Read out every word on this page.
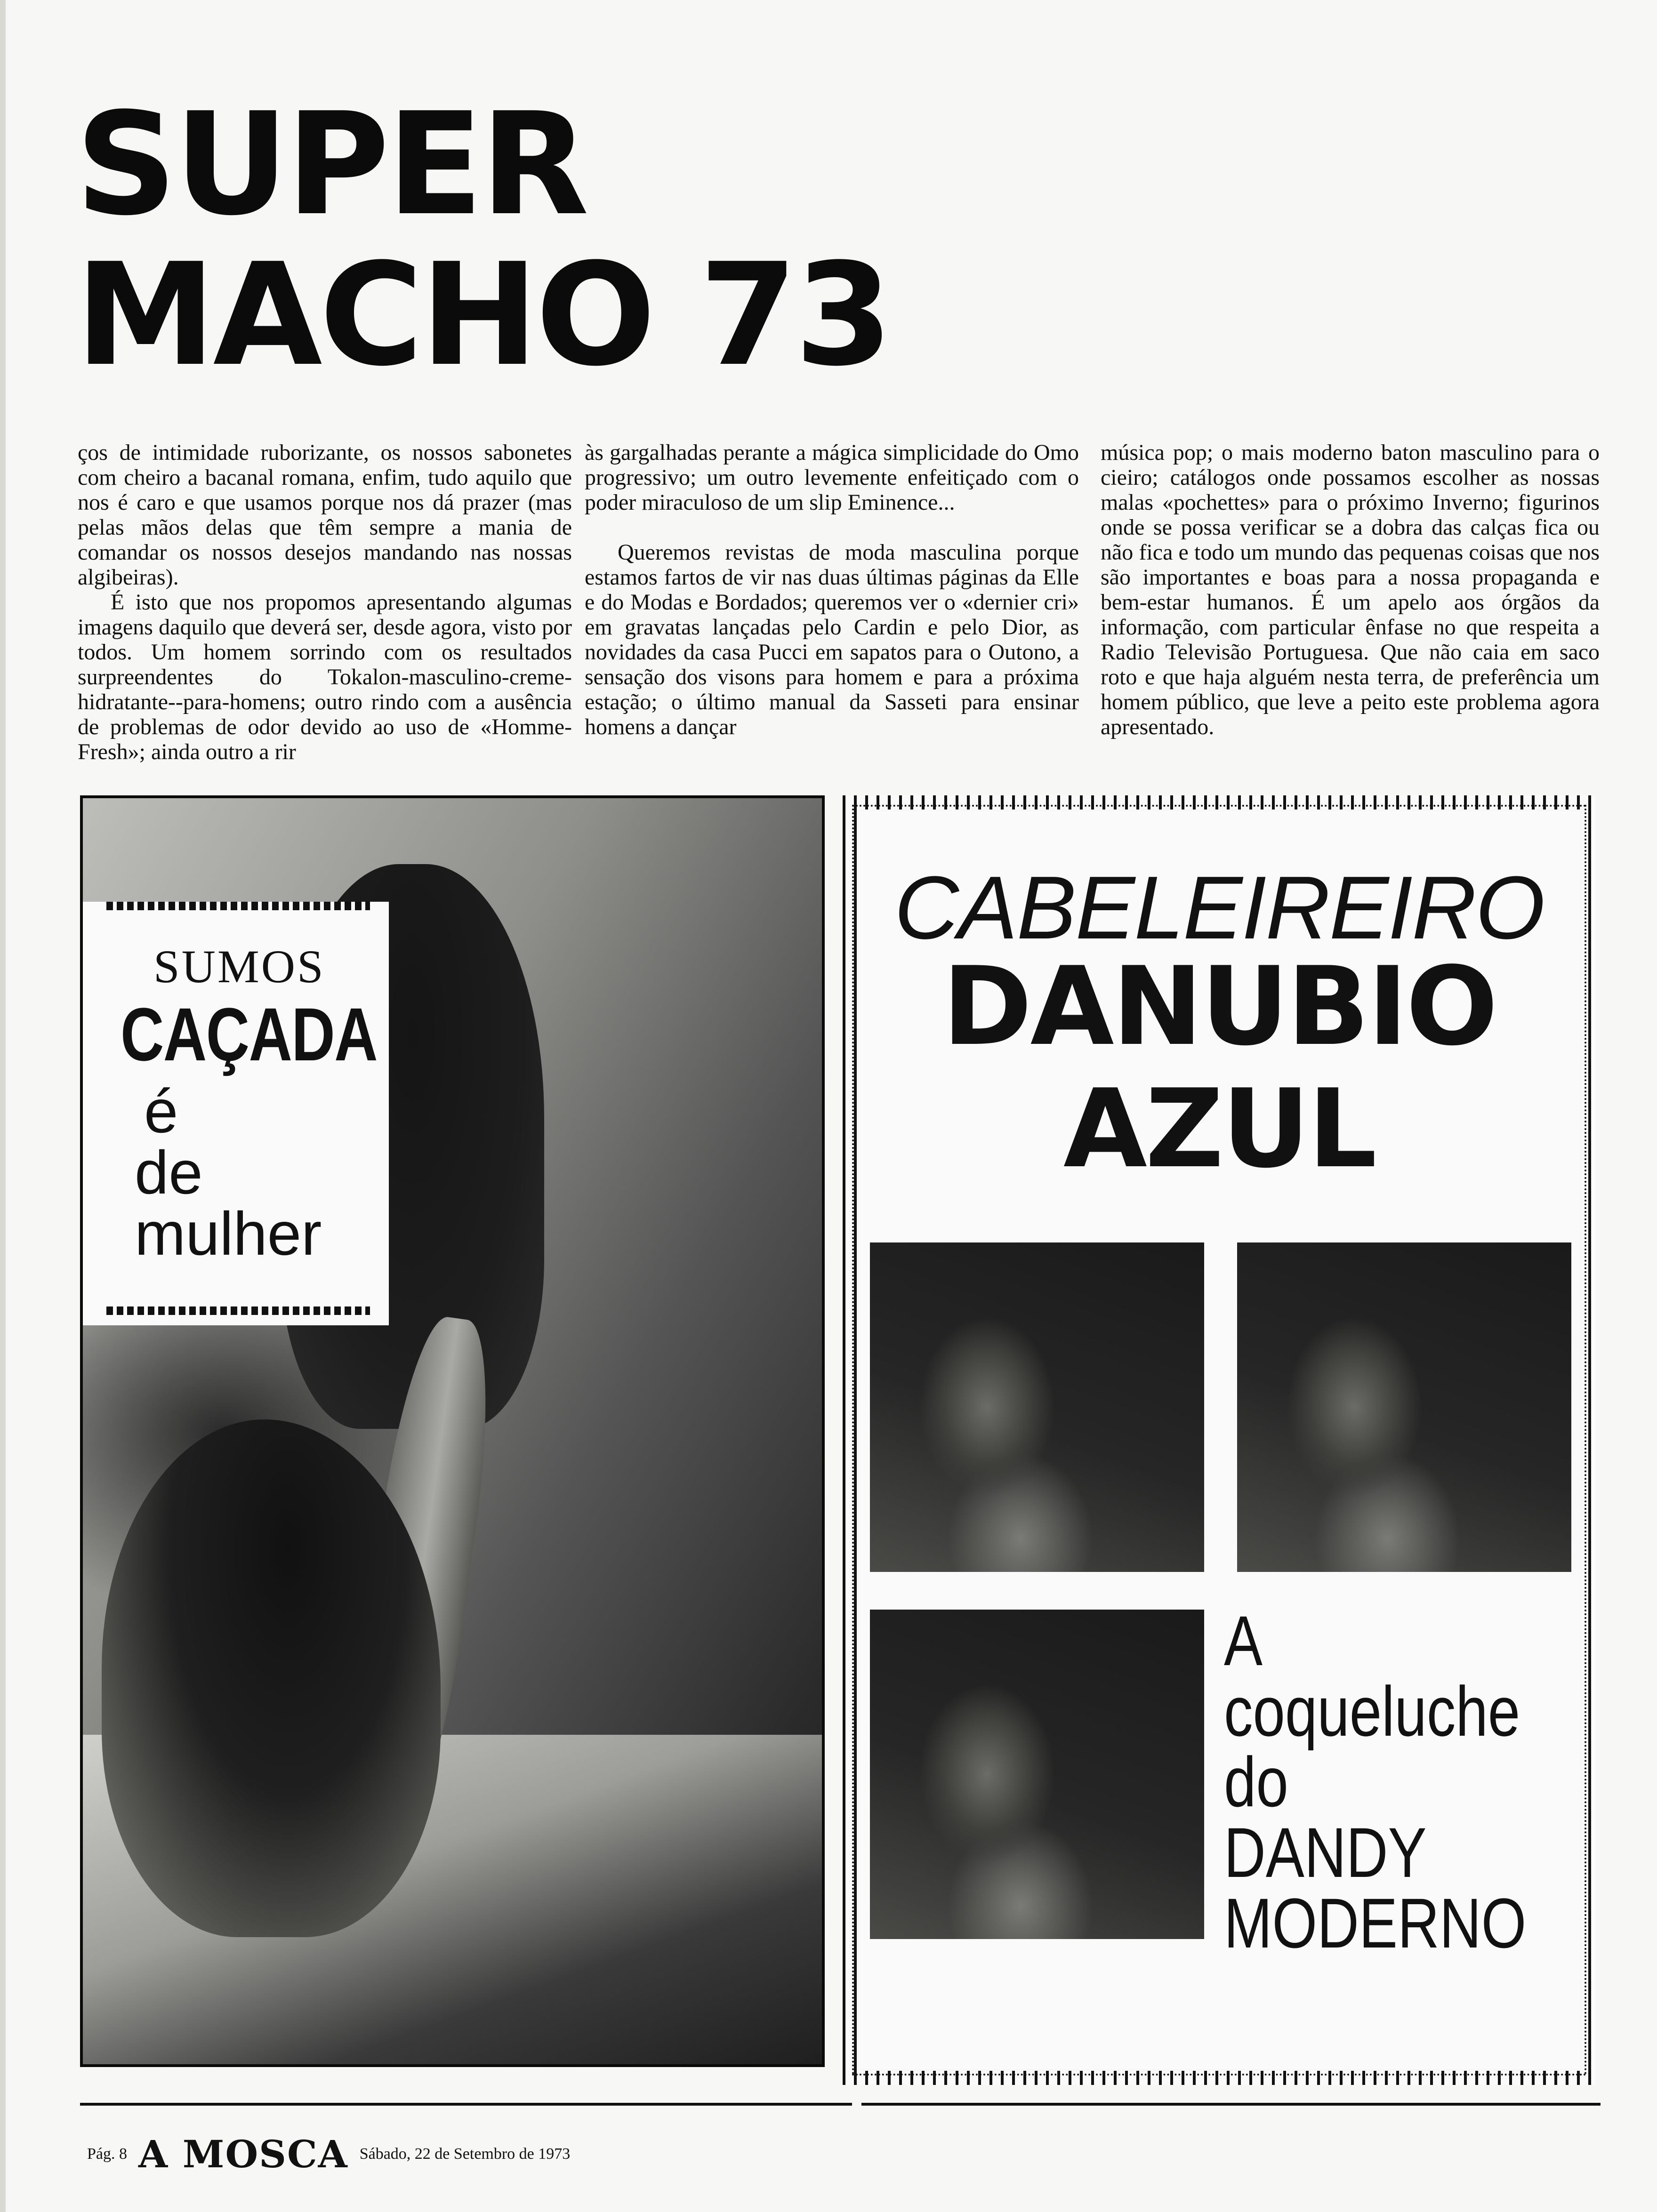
SUPER
MACHO 73

ços de intimidade ruborizante, os nossos sabonetes com cheiro a bacanal romana, enfim, tudo aquilo que nos é caro e que usamos porque nos dá prazer (mas pelas mãos delas que têm sempre a mania de comandar os nossos desejos mandando nas nossas algibeiras).

É isto que nos propomos apresentando algumas imagens daquilo que deverá ser, desde agora, visto por todos. Um homem sorrindo com os resultados surpreendentes do Tokalon-masculino-creme-hidratante--para-homens; outro rindo com a ausência de problemas de odor devido ao uso de «Homme-Fresh»; ainda outro a rir

às gargalhadas perante a mágica simplicidade do Omo progressivo; um outro levemente enfeitiçado com o poder miraculoso de um slip Eminence...

Queremos revistas de moda masculina porque estamos fartos de vir nas duas últimas páginas da Elle e do Modas e Bordados; queremos ver o «dernier cri» em gravatas lançadas pelo Cardin e pelo Dior, as novidades da casa Pucci em sapatos para o Outono, a sensação dos visons para homem e para a próxima estação; o último manual da Sasseti para ensinar homens a dançar

música pop; o mais moderno baton masculino para o cieiro; catálogos onde possamos escolher as nossas malas «pochettes» para o próximo Inverno; figurinos onde se possa verificar se a dobra das calças fica ou não fica e todo um mundo das pequenas coisas que nos são importantes e boas para a nossa propaganda e bem-estar humanos. É um apelo aos órgãos da informação, com particular ênfase no que respeita a Radio Televisão Portuguesa. Que não caia em saco roto e que haja alguém nesta terra, de preferência um homem público, que leve a peito este problema agora apresentado.

SUMOS
CAÇADA
é
de
mulher
CABELEIREIRO
DANUBIO
AZUL
A
coqueluche
do
DANDY
MODERNO
Pág. 8 A MOSCA Sábado, 22 de Setembro de 1973
